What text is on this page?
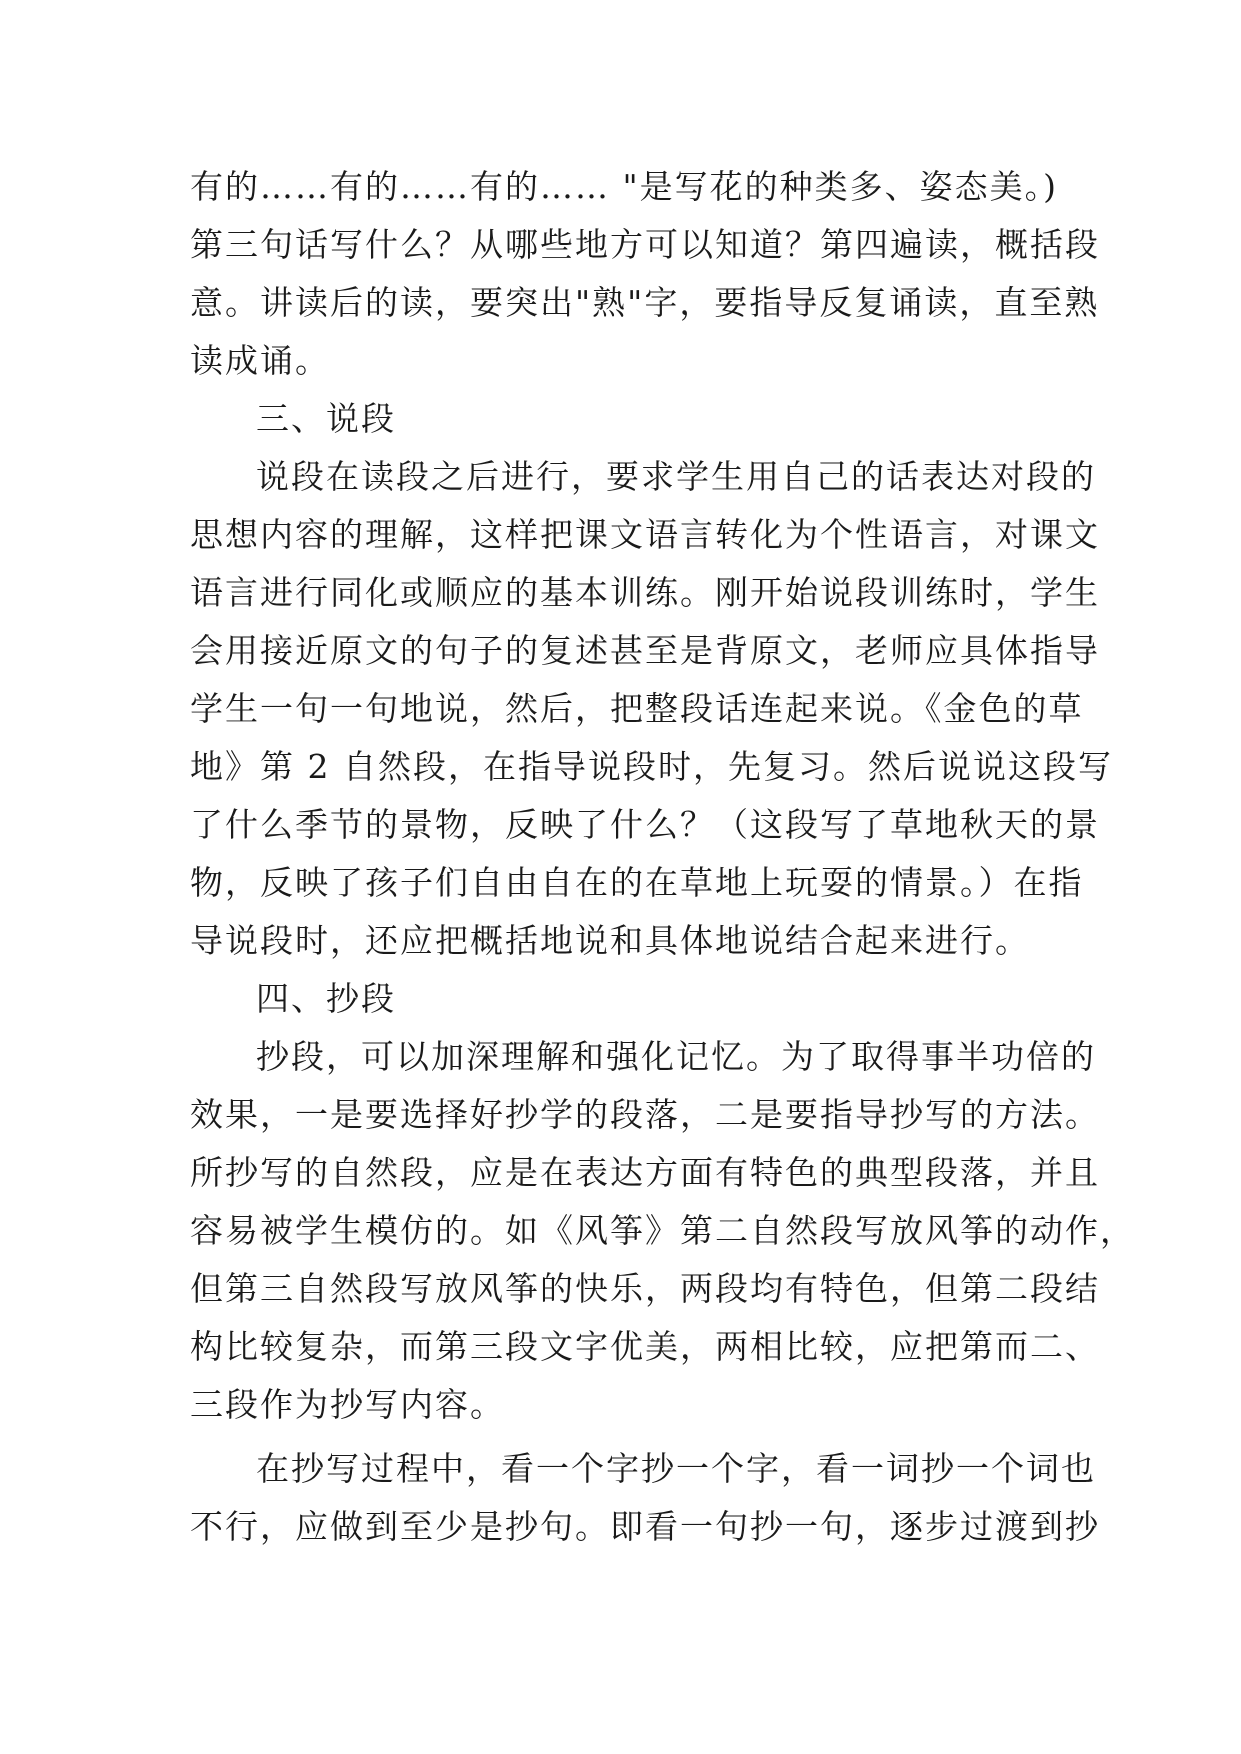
有的……有的……有的…… "是写花的种类多、姿态美。)
第三句话写什么？从哪些地方可以知道？第四遍读，概括段
意。讲读后的读，要突出"熟"字，要指导反复诵读，直至熟
读成诵。
三、说段
说段在读段之后进行，要求学生用自己的话表达对段的
思想内容的理解，这样把课文语言转化为个性语言，对课文
语言进行同化或顺应的基本训练。刚开始说段训练时，学生
会用接近原文的句子的复述甚至是背原文，老师应具体指导
学生一句一句地说，然后，把整段话连起来说。《金色的草
地》第 2 自然段，在指导说段时，先复习。然后说说这段写
了什么季节的景物，反映了什么？（这段写了草地秋天的景
物，反映了孩子们自由自在的在草地上玩耍的情景。）在指
导说段时，还应把概括地说和具体地说结合起来进行。
四、抄段
抄段，可以加深理解和强化记忆。为了取得事半功倍的
效果，一是要选择好抄学的段落，二是要指导抄写的方法。
所抄写的自然段，应是在表达方面有特色的典型段落，并且
容易被学生模仿的。如《风筝》第二自然段写放风筝的动作，
但第三自然段写放风筝的快乐，两段均有特色，但第二段结
构比较复杂，而第三段文字优美，两相比较，应把第而二、
三段作为抄写内容。
在抄写过程中，看一个字抄一个字，看一词抄一个词也
不行，应做到至少是抄句。即看一句抄一句，逐步过渡到抄
